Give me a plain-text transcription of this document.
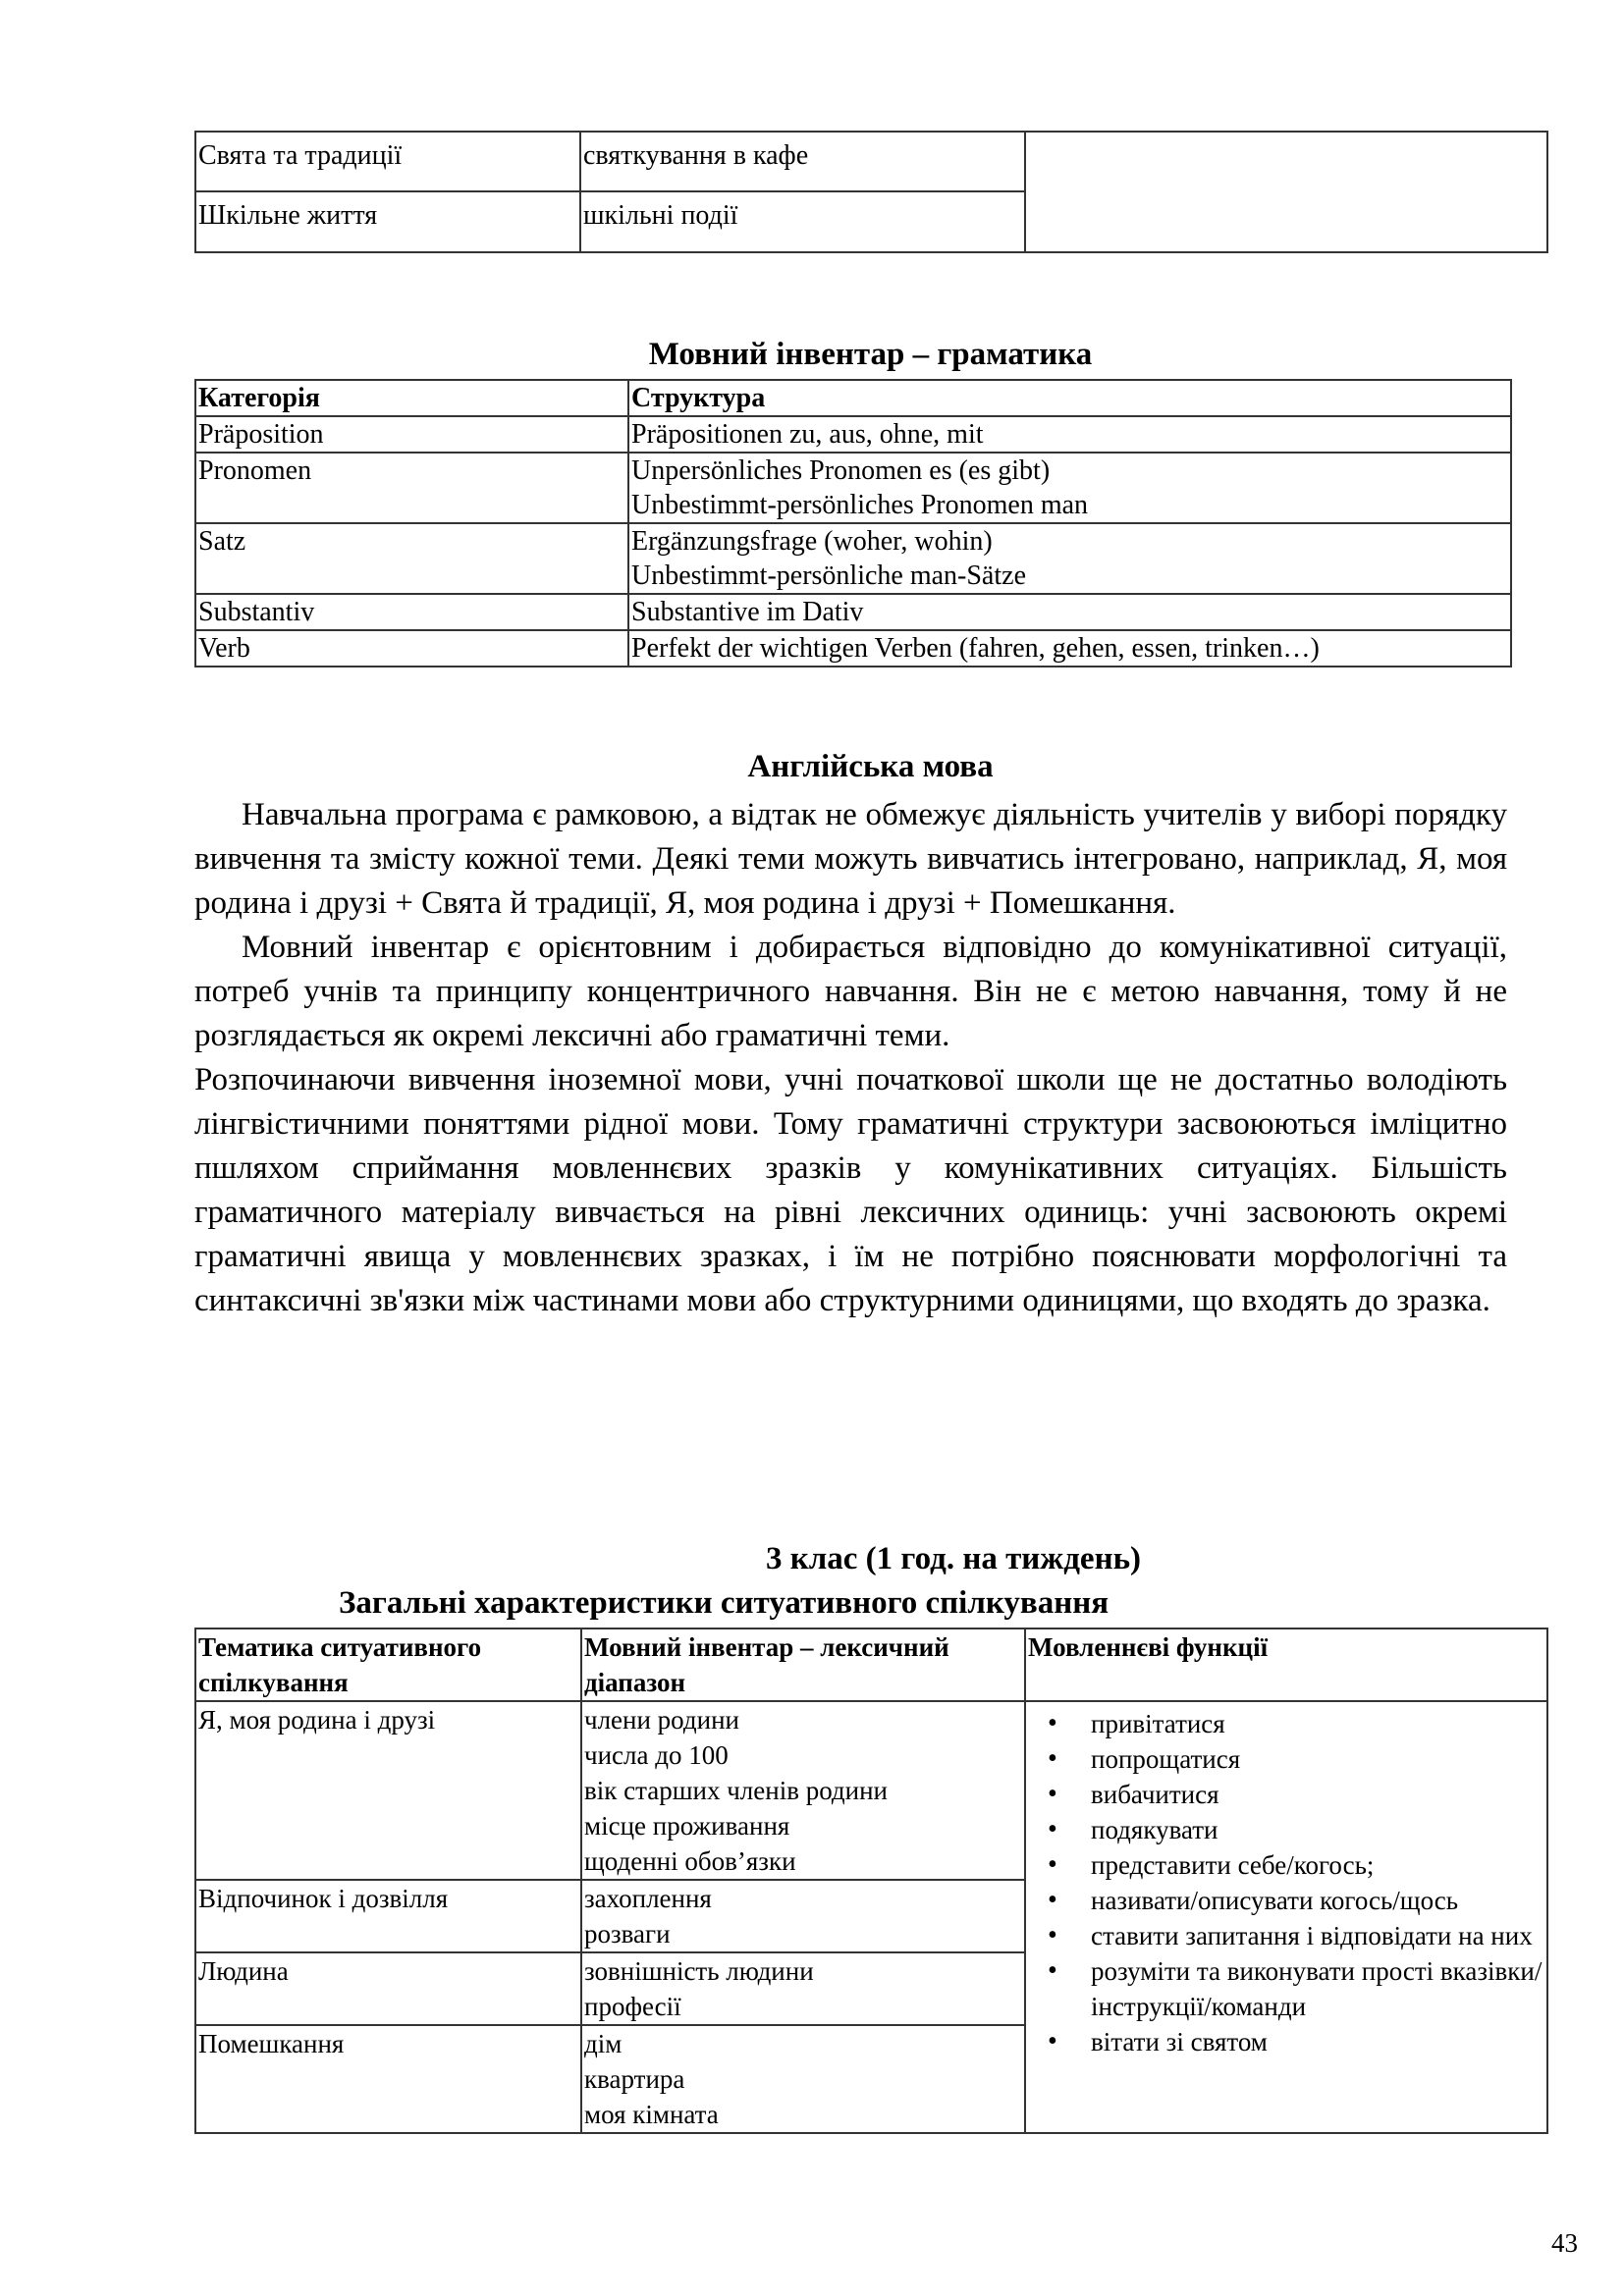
Свята та традиції	святкування в кафе	
Шкільне життя	шкільні події	
Мовний інвентар – граматика
Категорія	Структура
Präposition	Präpositionen zu, aus, ohne, mit

Pronomen	Unpersönliches Pronomen es (es gibt)
Unbestimmt-persönliches Pronomen man

Satz	Ergänzungsfrage (woher, wohin)
Unbestimmt-persönliche man-Sätze

Substantiv	Substantive im Dativ

Verb	Perfekt der wichtigen Verben (fahren, gehen, essen, trinken…)
Англійська мова

Навчальна програма є рамковою, а відтак не обмежує діяльність учителів у виборі порядку вивчення та змісту кожної теми. Деякі теми можуть вивчатись інтегровано, наприклад, Я, моя родина і друзі + Свята й традиції, Я, моя родина і друзі + Помешкання.

Мовний інвентар є орієнтовним і добирається відповідно до комунікативної ситуації, потреб учнів та принципу концентричного навчання. Він не є метою навчання, тому й не розглядається як окремі лексичні або граматичні теми.

Розпочинаючи вивчення іноземної мови, учні початкової школи ще не достатньо володіють лінгвістичними поняттями рідної мови. Тому граматичні структури засвоюються імліцитно пшляхом сприймання мовленнєвих зразків у комунікативних ситуаціях. Більшість граматичного матеріалу вивчається на рівні лексичних одиниць: учні засвоюють окремі граматичні явища у мовленнєвих зразках, і їм не потрібно пояснювати морфологічні та синтаксичні зв'язки між частинами мови або структурними одиницями, що входять до зразка.

3 клас (1 год. на тиждень)
Загальні характеристики ситуативного спілкування
Тематика ситуативного спілкування	Мовний інвентар – лексичний діапазон	Мовленнєві функції
Я, моя родина і друзі	члени родини
числа до 100
вік старших членів родини
місце проживання
щоденні обов’язки

• привітатися
• попрощатися
• вибачитися
• подякувати
• представити себе/когось;
• називати/описувати когось/щось
• ставити запитання і відповідати на них
• розуміти та виконувати прості вказівки/інструкції/команди
• вітати зі святом

Відпочинок і дозвілля	захоплення
розваги	

Людина	зовнішність людини
професії	

Помешкання	дім
квартира
моя кімната	
43
